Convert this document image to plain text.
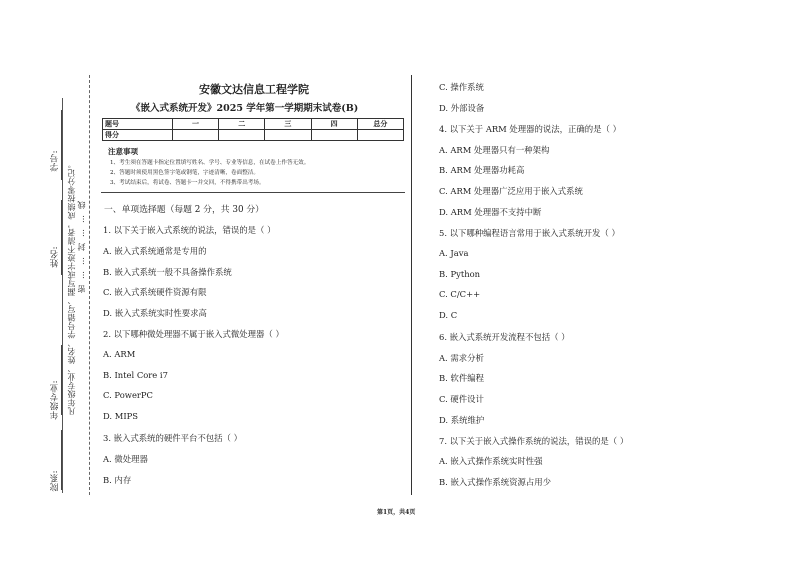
学号:
姓名:
年级专业:
院系:
密……封……线
凡年级专业、姓名、学号错写、漏写或字迹不清者，成绩按零分记。
安徽文达信息工程学院
《嵌入式系统开发》2025 学年第一学期期末试卷(B)
题号	一	二	三	四	总分
得分					
注意事项
1、考生须在答题卡指定位置填写姓名、学号、专业等信息，在试卷上作答无效。
2、答题时须使用黑色签字笔或钢笔，字迹清晰，卷面整洁。
3、考试结束后，将试卷、答题卡一并交回，不得携带出考场。
一、单项选择题（每题 2 分，共 30 分）
1. 以下关于嵌入式系统的说法，错误的是（ ）
A. 嵌入式系统通常是专用的
B. 嵌入式系统一般不具备操作系统
C. 嵌入式系统硬件资源有限
D. 嵌入式系统实时性要求高
2. 以下哪种微处理器不属于嵌入式微处理器（ ）
A. ARM
B. Intel Core i7
C. PowerPC
D. MIPS
3. 嵌入式系统的硬件平台不包括（ ）
A. 微处理器
B. 内存
C. 操作系统
D. 外部设备
4. 以下关于 ARM 处理器的说法，正确的是（ ）
A. ARM 处理器只有一种架构
B. ARM 处理器功耗高
C. ARM 处理器广泛应用于嵌入式系统
D. ARM 处理器不支持中断
5. 以下哪种编程语言常用于嵌入式系统开发（ ）
A. Java
B. Python
C. C/C++
D. C
6. 嵌入式系统开发流程不包括（ ）
A. 需求分析
B. 软件编程
C. 硬件设计
D. 系统维护
7. 以下关于嵌入式操作系统的说法，错误的是（ ）
A. 嵌入式操作系统实时性强
B. 嵌入式操作系统资源占用少
第1页，共4页
